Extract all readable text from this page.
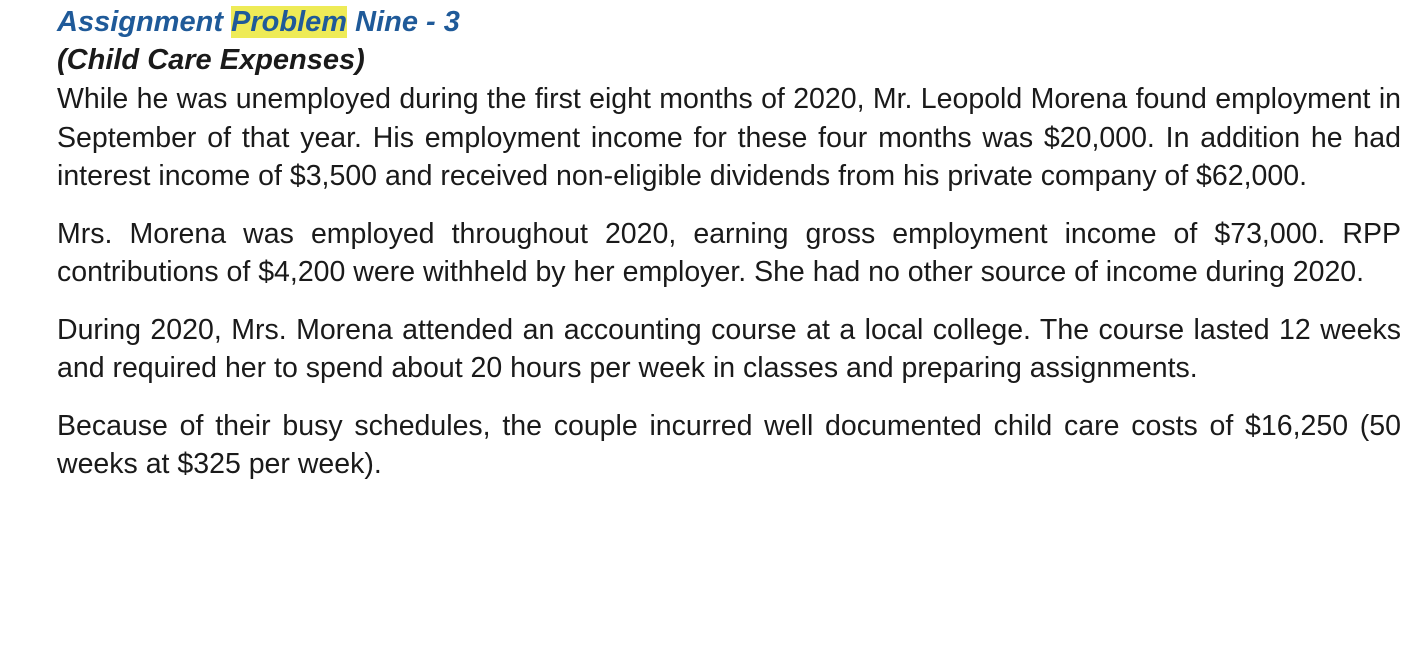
Assignment Problem Nine - 3
(Child Care Expenses)

While he was unemployed during the first eight months of 2020, Mr. Leopold Morena found employment in September of that year. His employment income for these four months was $20,000. In addition he had interest income of $3,500 and received non-eligible dividends from his private company of $62,000.

Mrs. Morena was employed throughout 2020, earning gross employment income of $73,000. RPP contributions of $4,200 were withheld by her employer. She had no other source of income during 2020.

During 2020, Mrs. Morena attended an accounting course at a local college. The course lasted 12 weeks and required her to spend about 20 hours per week in classes and preparing assignments.

Because of their busy schedules, the couple incurred well documented child care costs of $16,250 (50 weeks at $325 per week).
